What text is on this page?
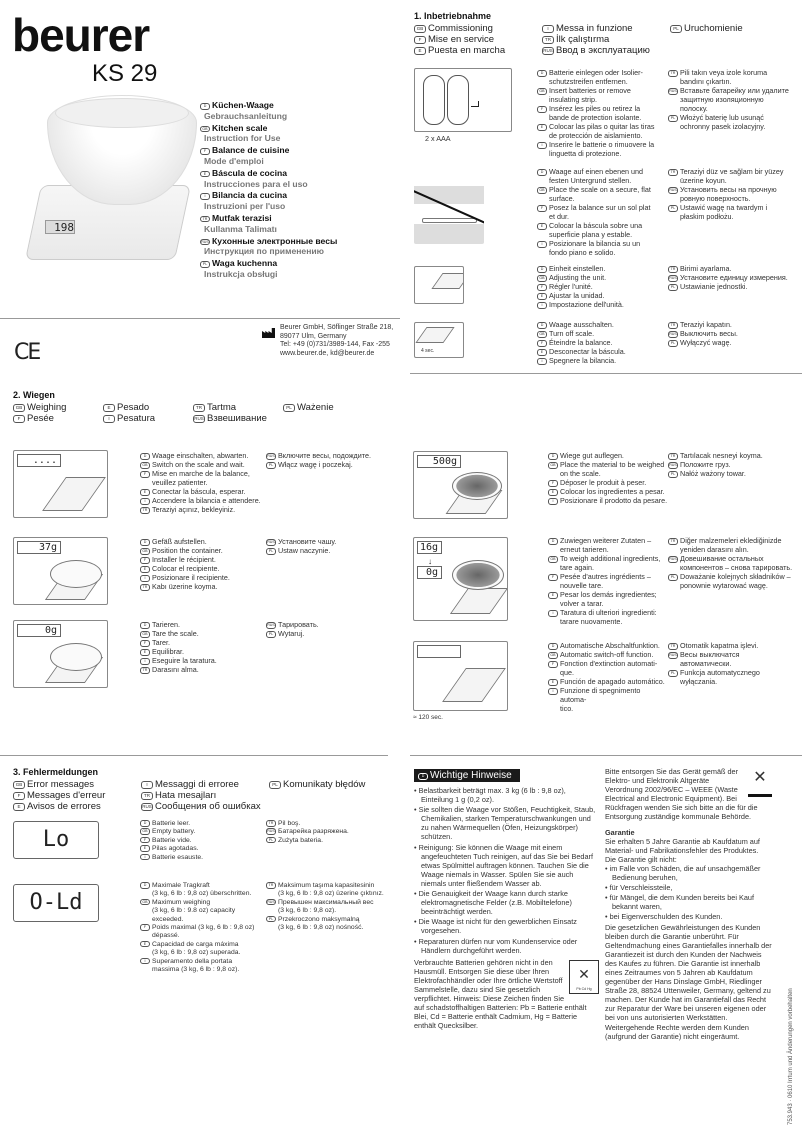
beurer
KS 29
198
D Küchen-Waage
Gebrauchsanleitung
GB Kitchen scale
Instruction for Use
F Balance de cuisine
Mode d'emploi
E Báscula de cocina
Instrucciones para el uso
I Bilancia da cucina
Instruzioni per l'uso
TR Mutfak terazisi
Kullanma Talimatı
RUS Кухонные электронные весы
Инструкция по применению
PL Waga kuchenna
Instrukcja obsługi
CE
Beurer GmbH, Söflinger Straße 218,
89077 Ulm, Germany
Tel: +49 (0)731/3989-144, Fax -255
www.beurer.de, kd@beurer.de
1. Inbetriebnahme
GB Commissioning
F Mise en service
E Puesta en marcha
I Messa in funzione
TR İlk çalıştırma
RUS Ввод в эксплуатацию
PL Uruchomienie
2 x AAA
4 sec.
D Batterie einlegen oder Isolier-
schutzstreifen entfernen.
GB Insert batteries or remove
insulating strip.
F Insérez les piles ou retirez la
bande de protection isolante.
E Colocar las pilas o quitar las tiras
de protección de aislamiento.
I Inserire le batterie o rimuovere la
linguetta di protezione.
TR Pili takın veya izole koruma
bandını çıkartın.
RUS Вставьте батарейку или удалите
защитную изоляционную
полоску.
PL Włożyć baterię lub usunąć
ochronny pasek izolacyjny.
D Waage auf einen ebenen und
festen Untergrund stellen.
GB Place the scale on a secure, flat
surface.
F Posez la balance sur un sol plat
et dur.
E Colocar la báscula sobre una
superficie plana y estable.
I Posizionare la bilancia su un
fondo piano e solido.
TR Teraziyi düz ve sağlam bir yüzey
üzerine koyun.
RUS Установить весы на прочную
ровную поверхность.
PL Ustawić wagę na twardym i
płaskim podłożu.
D Einheit einstellen.
GB Adjusting the unit.
F Régler l'unité.
E Ajustar la unidad.
I Impostazione dell'unità.
TR Birimi ayarlama.
RUS Установите единицу измерения.
PL Ustawianie jednostki.
D Waage ausschalten.
GB Turn off scale.
F Éteindre la balance.
E Desconectar la báscula.
I Spegnere la bilancia.
TR Teraziyi kapatın.
RUS Выключить весы.
PL Wyłączyć wagę.
2. Wiegen
GB Weighing
F Pesée
E Pesado
I Pesatura
TR Tartma
RUS Взвешивание
PL Ważenie
....
37g
0g
D Waage einschalten, abwarten.
GB Switch on the scale and wait.
F Mise en marche de la balance,
veuillez patienter.
E Conectar la báscula, esperar.
I Accendere la bilancia e attendere.
TR Teraziyi açınız, bekleyiniz.
RUS Включите весы, подождите.
PL Włącz wagę i poczekaj.
D Gefäß aufstellen.
GB Position the container.
F Installer le récipient.
E Colocar el recipiente.
I Posizionare il recipiente.
TR Kabı üzerine koyma.
RUS Установите чашу.
PL Ustaw naczynie.
D Tarieren.
GB Tare the scale.
F Tarer.
E Equilibrar.
I Eseguire la taratura.
TR Darasını alma.
RUS Тарировать.
PL Wytaruj.
500g
16g
↓
0g
≈ 120 sec.
D Wiege gut auflegen.
GB Place the material to be weighed
on the scale.
F Déposer le produit à peser.
E Colocar los ingredientes a pesar.
I Posizionare il prodotto da pesare.
TR Tartılacak nesneyi koyma.
RUS Положите груз.
PL Nałóż ważony towar.
D Zuwiegen weiterer Zutaten –
erneut tarieren.
GB To weigh additional ingredients,
tare again.
F Pesée d'autres ingrédients –
nouvelle tare.
E Pesar los demás ingredientes;
volver a tarar.
I Taratura di ulteriori ingredienti:
tarare nuovamente.
TR Diğer malzemeleri eklediğinizde
yeniden darasını alın.
RUS Довешивание остальных
компонентов – снова тарировать.
PL Doważanie kolejnych składników –
ponownie wytarować wagę.
D Automatische Abschaltfunktion.
GB Automatic switch-off function.
F Fonction d'extinction automati-
que.
E Función de apagado automático.
I Funzione di spegnimento automa-
tico.
TR Otomatik kapatma işlevi.
RUS Весы выключатся
автоматически.
PL Funkcja automatycznego
wyłączania.
3. Fehlermeldungen
GB Error messages
F Messages d'erreur
E Avisos de errores
I Messaggi di erroree
TR Hata mesajları
RUS Сообщения об ошибках
PL Komunikaty błędów
Lo
O-Ld
D Batterie leer.
GB Empty battery.
F Batterie vide.
E Pilas agotadas.
I Batterie esauste.
TR Pil boş.
RUS Батарейка разряжена.
PL Zużyta bateria.
D Maximale Tragkraft
(3 kg, 6 lb : 9,8 oz) überschritten.
GB Maximum weighing
(3 kg, 6 lb : 9.8 oz) capacity
exceeded.
F Poids maximal (3 kg, 6 lb : 9,8 oz)
dépassé.
E Capacidad de carga máxima
(3 kg, 6 lb : 9,8 oz) superada.
I Superamento della portata
massima (3 kg, 6 lb : 9,8 oz).
TR Maksimum taşıma kapasitesinin
(3 kg, 6 lb : 9,8 oz) üzerine çıktınız.
RUS Превышен максимальный вес
(3 kg, 6 lb : 9,8 oz).
PL Przekroczono maksymalną
(3 kg, 6 lb : 9,8 oz) nośność.
D Wichtige Hinweise
• Belastbarkeit beträgt max. 3 kg (6 lb : 9,8 oz), Einteilung 1 g (0,2 oz).
• Sie sollten die Waage vor Stößen, Feuchtigkeit, Staub, Chemikalien, starken Temperaturschwankungen und zu nahen Wärmequellen (Öfen, Heizungskörper) schützen.
• Reinigung: Sie können die Waage mit einem angefeuchteten Tuch reinigen, auf das Sie bei Bedarf etwas Spülmittel auftragen können. Tauchen Sie die Waage niemals in Wasser. Spülen Sie sie auch niemals unter fließendem Wasser ab.
• Die Genauigkeit der Waage kann durch starke elektromagnetische Felder (z.B. Mobiltelefone) beeinträchtigt werden.
• Die Waage ist nicht für den gewerblichen Einsatz vorgesehen.
• Reparaturen dürfen nur vom Kundenservice oder Händlern durchgeführt werden.
✕
Pb Cd Hg

Verbrauchte Batterien gehören nicht in den Hausmüll. Entsorgen Sie diese über Ihren Elektrofachhändler oder Ihre örtliche Wertstoff Sammelstelle, dazu sind Sie gesetzlich verpflichtet. Hinweis: Diese Zeichen finden Sie auf schadstoffhaltigen Batterien: Pb = Batterie enthält Blei, Cd = Batterie enthält Cadmium, Hg = Batterie enthält Quecksilber.

✕

Bitte entsorgen Sie das Gerät gemäß der Elektro- und Elektronik Altgeräte Verordnung 2002/96/EC – WEEE (Waste Electrical and Electronic Equipment). Bei Rückfragen wenden Sie sich bitte an die für die Entsorgung zuständige kommunale Behörde.

Garantie

Sie erhalten 5 Jahre Garantie ab Kaufdatum auf Material- und Fabrikationsfehler des Produktes.
Die Garantie gilt nicht:

• im Falle von Schäden, die auf unsachgemäßer Bedienung beruhen,
• für Verschleissteile,
• für Mängel, die dem Kunden bereits bei Kauf bekannt waren,
• bei Eigenverschulden des Kunden.

Die gesetzlichen Gewährleistungen des Kunden bleiben durch die Garantie unberührt. Für Geltendmachung eines Garantiefalles innerhalb der Garantiezeit ist durch den Kunden der Nachweis des Kaufes zu führen. Die Garantie ist innerhalb eines Zeitraumes von 5 Jahren ab Kaufdatum gegenüber der Hans Dinslage GmbH, Riedlinger Straße 28, 88524 Uttenweiler, Germany, geltend zu machen. Der Kunde hat im Garantiefall das Recht zur Reparatur der Ware bei unseren eigenen oder bei von uns autorisierten Werkstätten. Weitergehende Rechte werden dem Kunden (aufgrund der Garantie) nicht eingeräumt.	753.943 · 0610 Irrtum und Änderungen vorbehalten
